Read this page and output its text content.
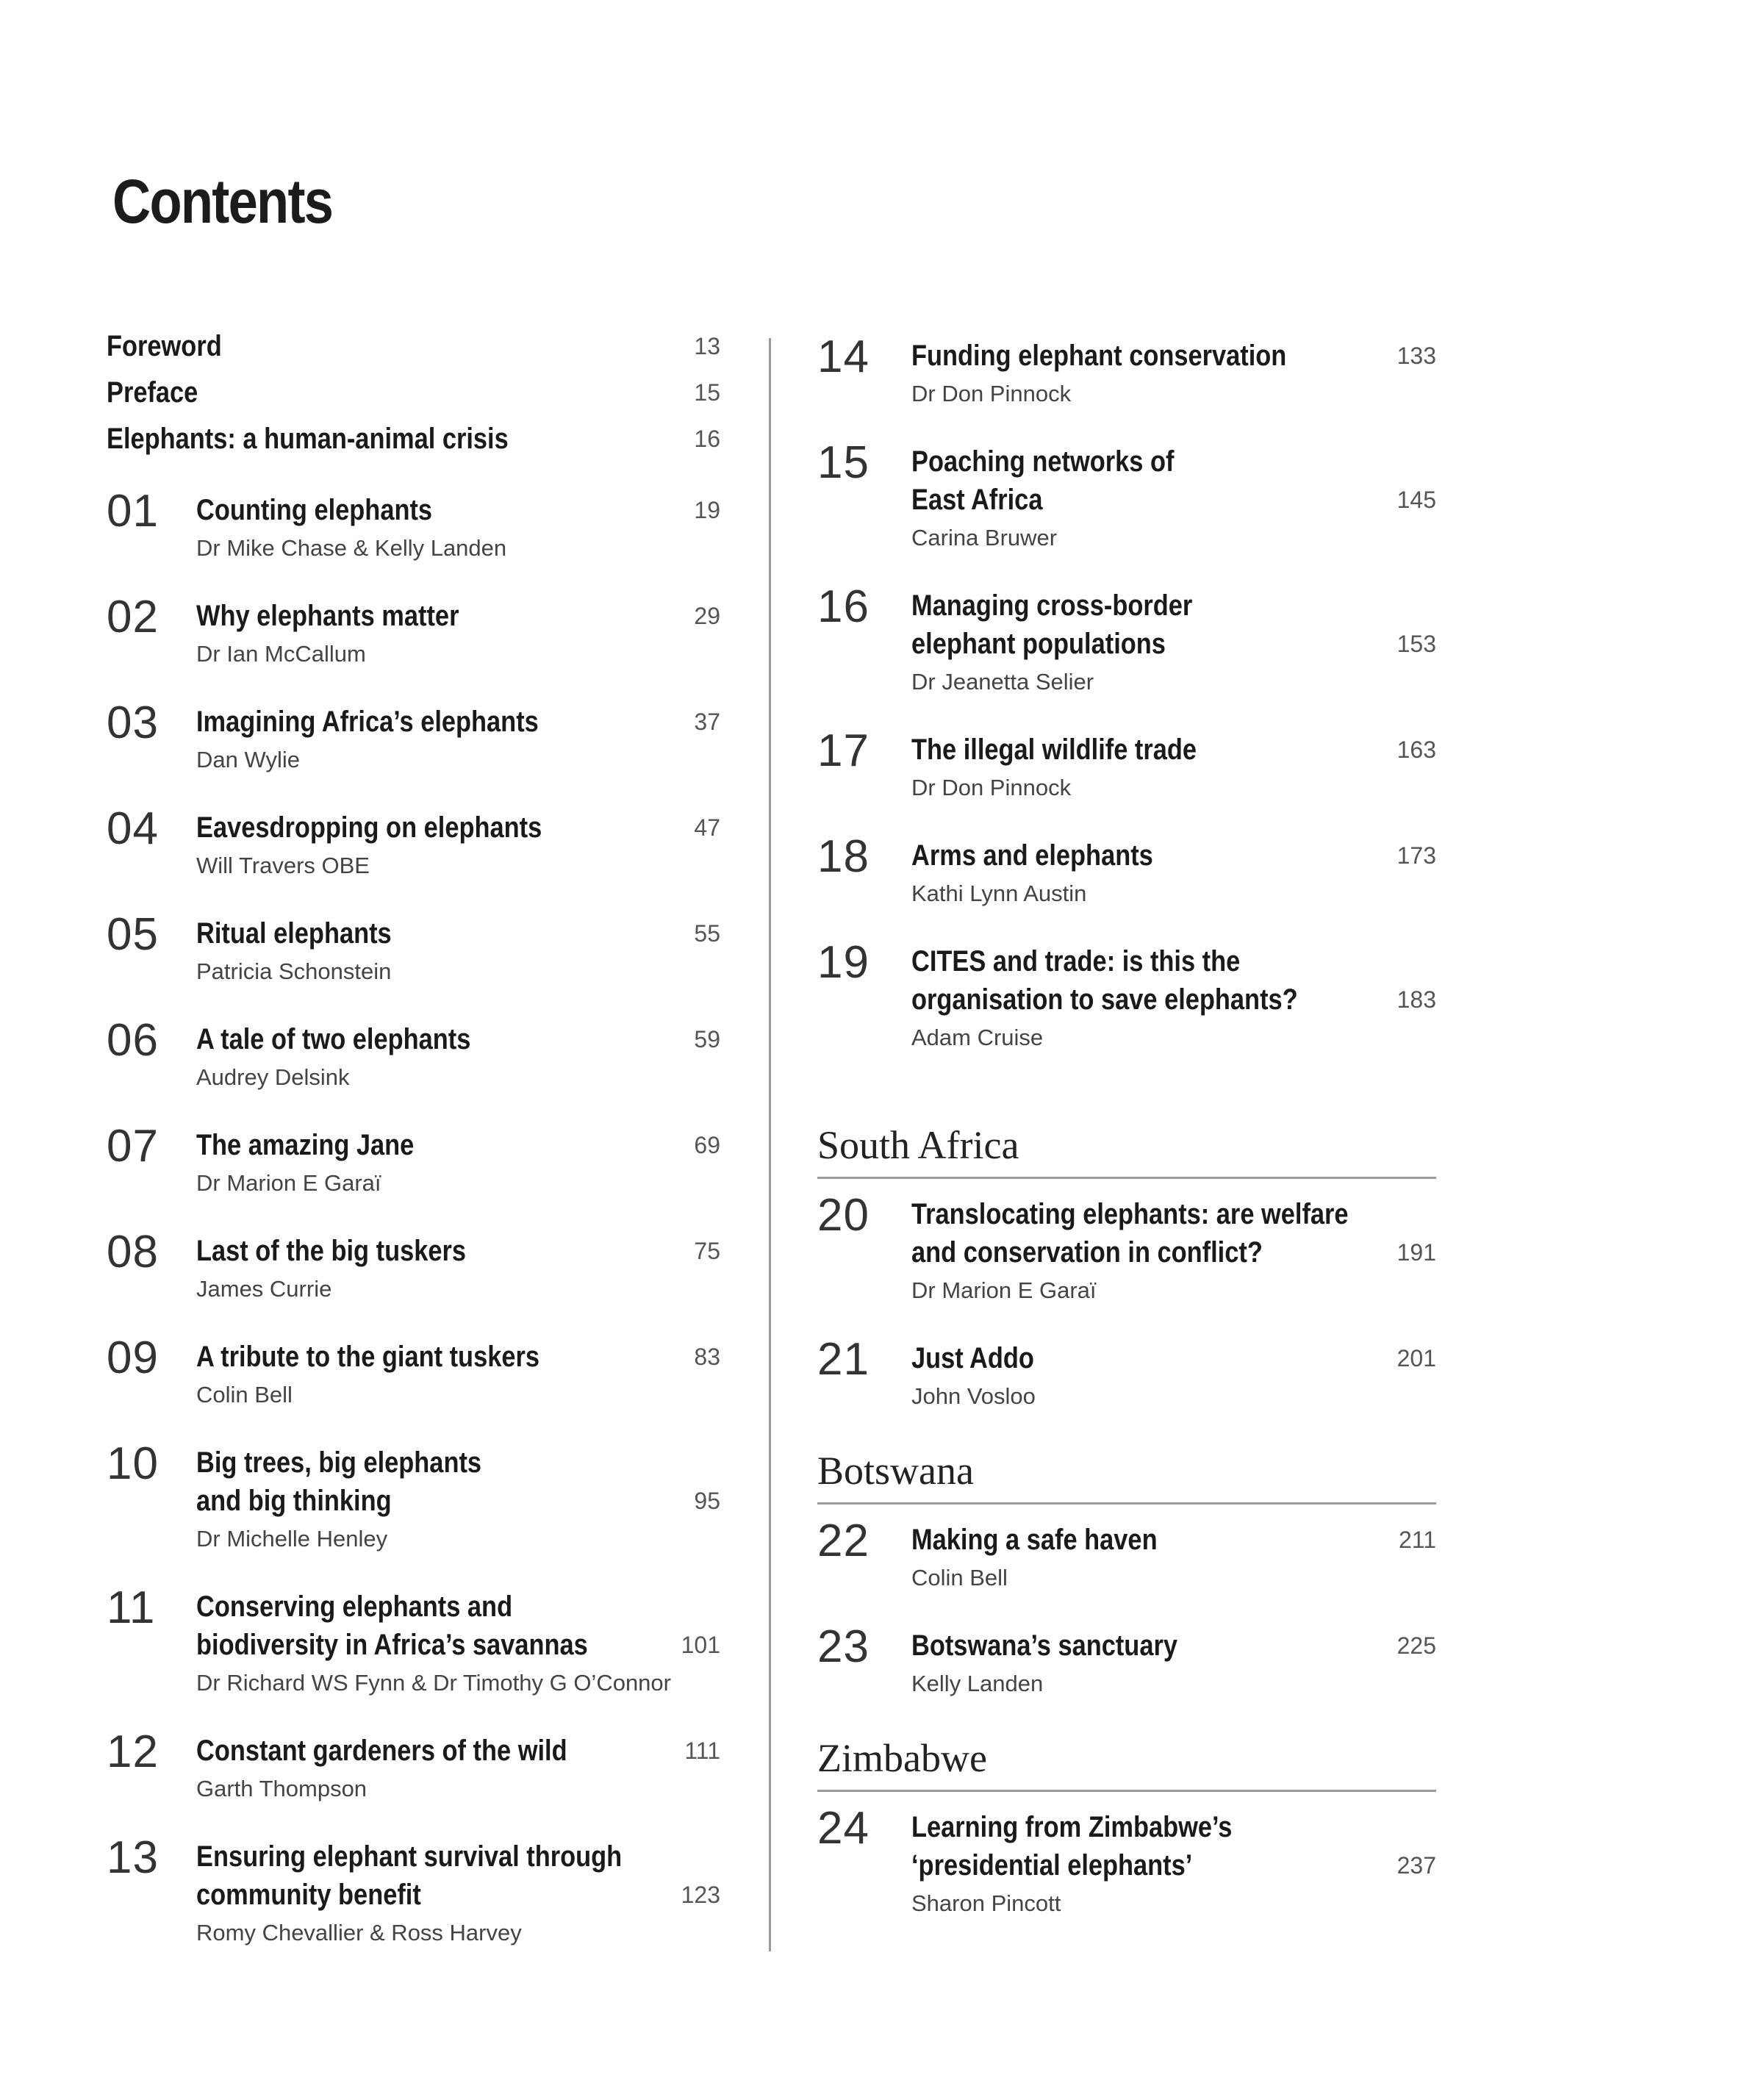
Contents
Foreword	13
Preface	15
Elephants: a human-animal crisis	16
01	Counting elephants	19
Dr Mike Chase & Kelly Landen
02	Why elephants matter	29
Dr Ian McCallum
03	Imagining Africa’s elephants	37
Dan Wylie
04	Eavesdropping on elephants	47
Will Travers OBE
05	Ritual elephants	55
Patricia Schonstein
06	A tale of two elephants	59
Audrey Delsink
07	The amazing Jane	69
Dr Marion E Garaï
08	Last of the big tuskers	75
James Currie
09	A tribute to the giant tuskers	83
Colin Bell
10	Big trees, big elephants
and big thinking	95
Dr Michelle Henley
11	Conserving elephants and
biodiversity in Africa’s savannas	101
Dr Richard WS Fynn & Dr Timothy G O’Connor
12	Constant gardeners of the wild	111
Garth Thompson
13	Ensuring elephant survival through
community benefit	123
Romy Chevallier & Ross Harvey
14	Funding elephant conservation	133
Dr Don Pinnock
15	Poaching networks of
East Africa	145
Carina Bruwer
16	Managing cross-border
elephant populations	153
Dr Jeanetta Selier
17	The illegal wildlife trade	163
Dr Don Pinnock
18	Arms and elephants	173
Kathi Lynn Austin
19	CITES and trade: is this the
organisation to save elephants?	183
Adam Cruise
South Africa
20	Translocating elephants: are welfare
and conservation in conflict?	191
Dr Marion E Garaï
21	Just Addo	201
John Vosloo
Botswana
22	Making a safe haven	211
Colin Bell
23	Botswana’s sanctuary	225
Kelly Landen
Zimbabwe
24	Learning from Zimbabwe’s
‘presidential elephants’	237
Sharon Pincott
